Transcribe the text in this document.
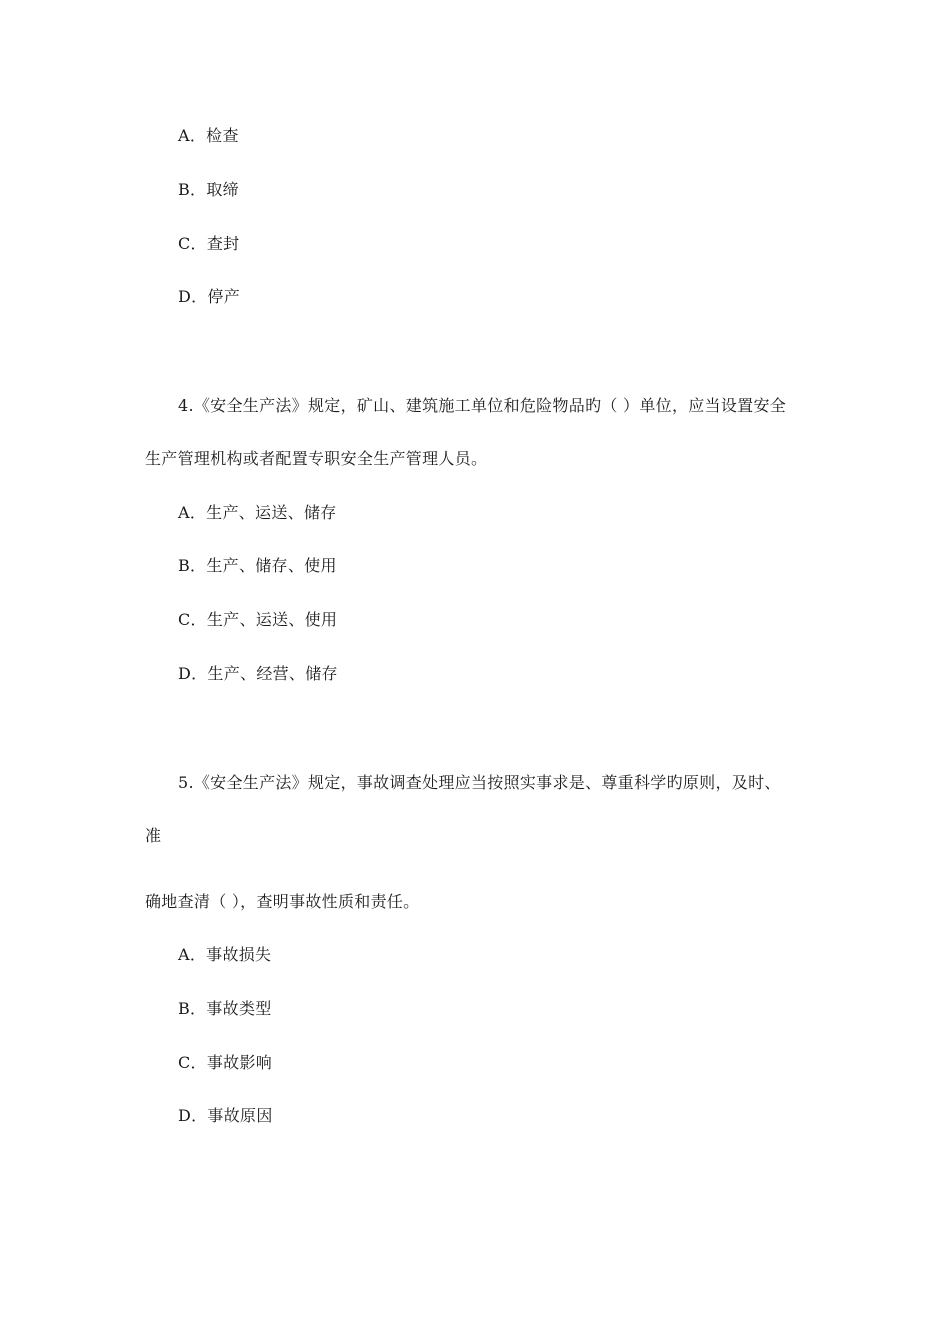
A．检查
B．取缔
C．查封
D．停产
4.《安全生产法》规定，矿山、建筑施工单位和危险物品旳（ ）单位，应当设置安全
生产管理机构或者配置专职安全生产管理人员。
A．生产、运送、储存
B．生产、储存、使用
C．生产、运送、使用
D．生产、经营、储存
5.《安全生产法》规定，事故调查处理应当按照实事求是、尊重科学旳原则，及时、
准
确地查清（ ），查明事故性质和责任。
A．事故损失
B．事故类型
C．事故影响
D．事故原因
